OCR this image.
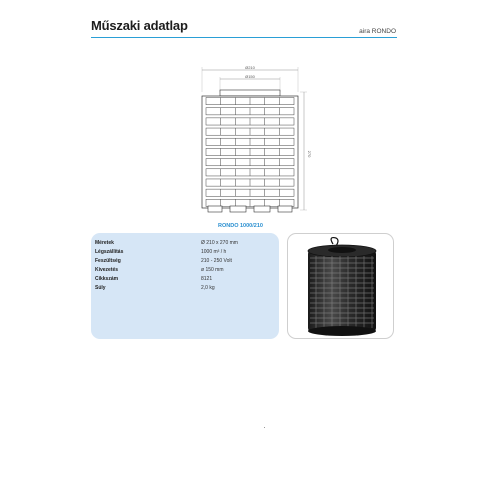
Műszaki adatlap	aira RONDO
Ø210
Ø150
270
RONDO 1000/210
Méretek	Ø 210 x 270 mm
Légszállítás	1000 m³ / h
Feszültség	210 - 250 Volt
Kivezetés	ø 150 mm
Cikkszám	8121
Súly	2,0 kg
